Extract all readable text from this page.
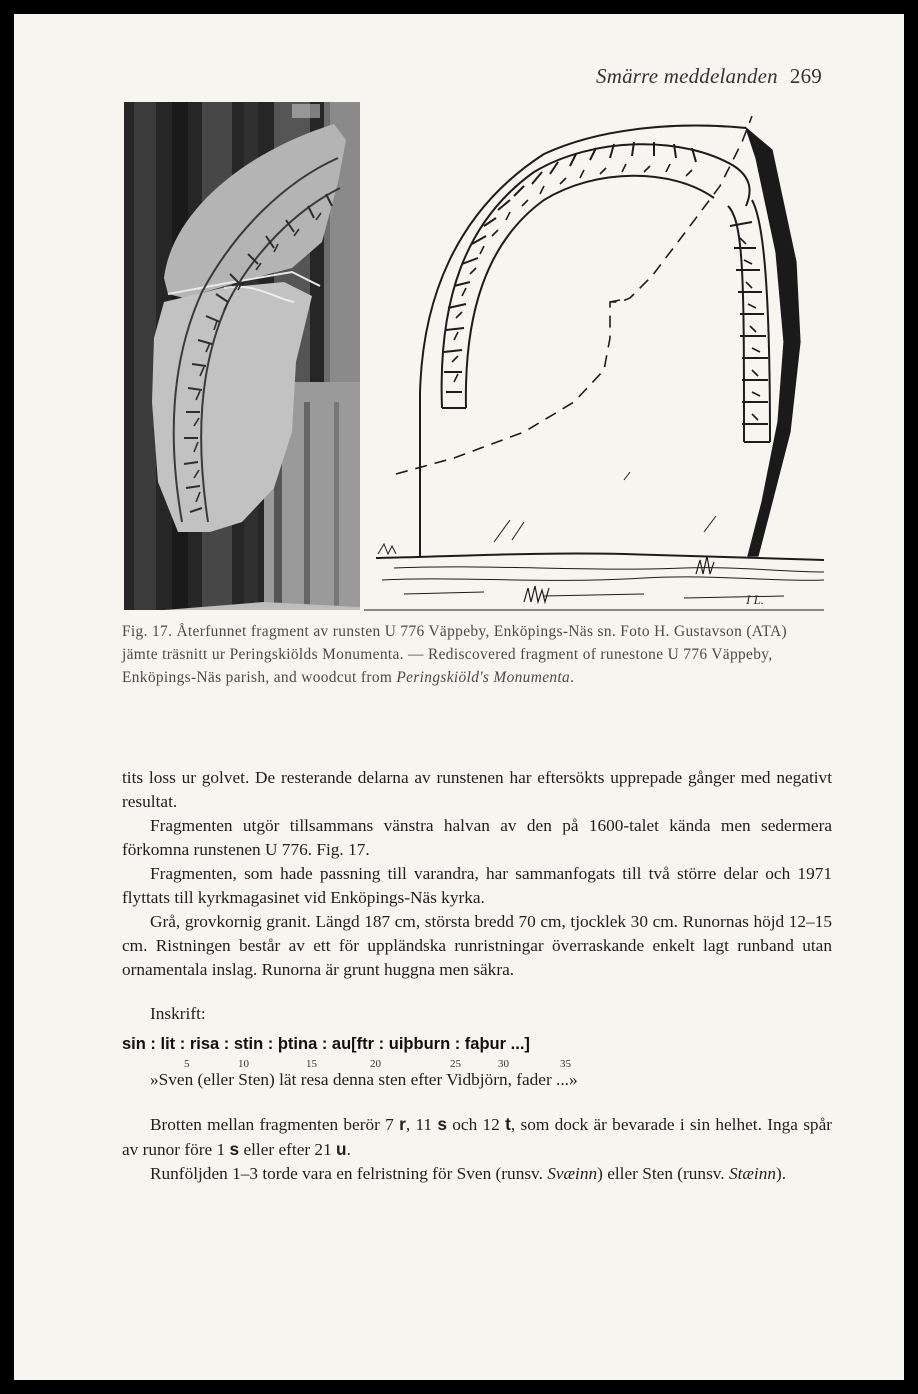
Smärre meddelanden 269
I L.
Fig. 17. Återfunnet fragment av runsten U 776 Väppeby, Enköpings-Näs sn. Foto H. Gustavson (ATA) jämte träsnitt ur Peringskiölds Monumenta. — Rediscovered fragment of runestone U 776 Väppeby, Enköpings-Näs parish, and woodcut from Peringskiöld's Monumenta.

tits loss ur golvet. De resterande delarna av runstenen har eftersökts upprepade gånger med negativt resultat.

Fragmenten utgör tillsammans vänstra halvan av den på 1600-talet kända men sedermera förkomna runstenen U 776. Fig. 17.

Fragmenten, som hade passning till varandra, har sammanfogats till två större delar och 1971 flyttats till kyrkmagasinet vid Enköpings-Näs kyrka.

Grå, grovkornig granit. Längd 187 cm, största bredd 70 cm, tjocklek 30 cm. Runornas höjd 12–15 cm. Ristningen består av ett för uppländska runristningar överraskande enkelt lagt runband utan ornamentala inslag. Runorna är grunt huggna men säkra.

Inskrift:

sin : lit : risa : stin : þtina : au[ftr : uiþburn : faþur ...]
5	10	15	20	25	30	35

»Sven (eller Sten) lät resa denna sten efter Vidbjörn, fader ...»

Brotten mellan fragmenten berör 7 r, 11 s och 12 t, som dock är bevarade i sin helhet. Inga spår av runor före 1 s eller efter 21 u.

Runföljden 1–3 torde vara en felristning för Sven (runsv. Svæinn) eller Sten (runsv. Stæinn).
